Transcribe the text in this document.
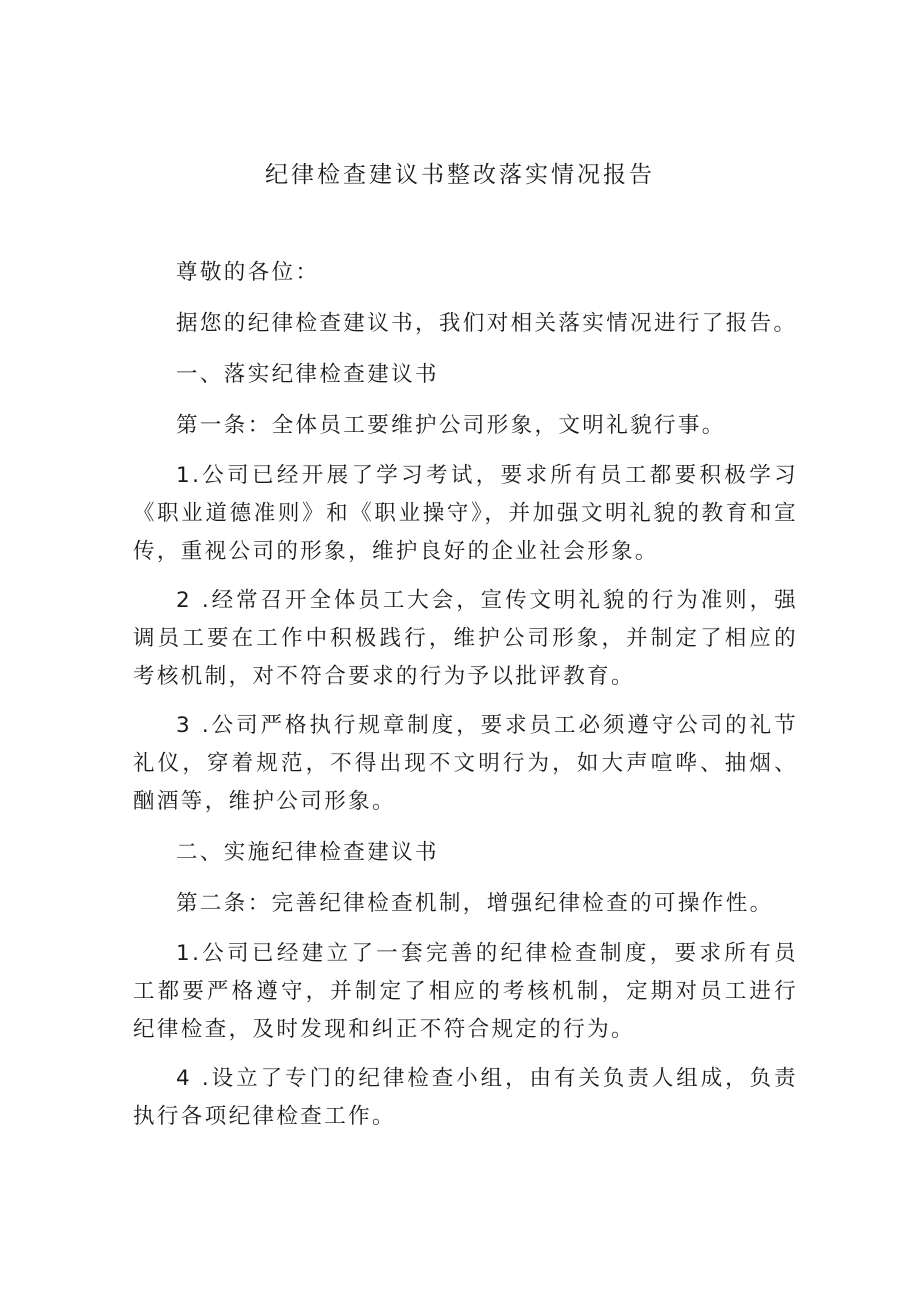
纪律检查建议书整改落实情况报告

尊敬的各位：

据您的纪律检查建议书，我们对相关落实情况进行了报告。

一、落实纪律检查建议书

第一条：全体员工要维护公司形象，文明礼貌行事。

1.公司已经开展了学习考试，要求所有员工都要积极学习《职业道德准则》和《职业操守》，并加强文明礼貌的教育和宣传，重视公司的形象，维护良好的企业社会形象。

2 .经常召开全体员工大会，宣传文明礼貌的行为准则，强调员工要在工作中积极践行，维护公司形象，并制定了相应的考核机制，对不符合要求的行为予以批评教育。

3 .公司严格执行规章制度，要求员工必须遵守公司的礼节礼仪，穿着规范，不得出现不文明行为，如大声喧哗、抽烟、酗酒等，维护公司形象。

二、实施纪律检查建议书

第二条：完善纪律检查机制，增强纪律检查的可操作性。

1.公司已经建立了一套完善的纪律检查制度，要求所有员工都要严格遵守，并制定了相应的考核机制，定期对员工进行纪律检查，及时发现和纠正不符合规定的行为。

4 .设立了专门的纪律检查小组，由有关负责人组成，负责执行各项纪律检查工作。
